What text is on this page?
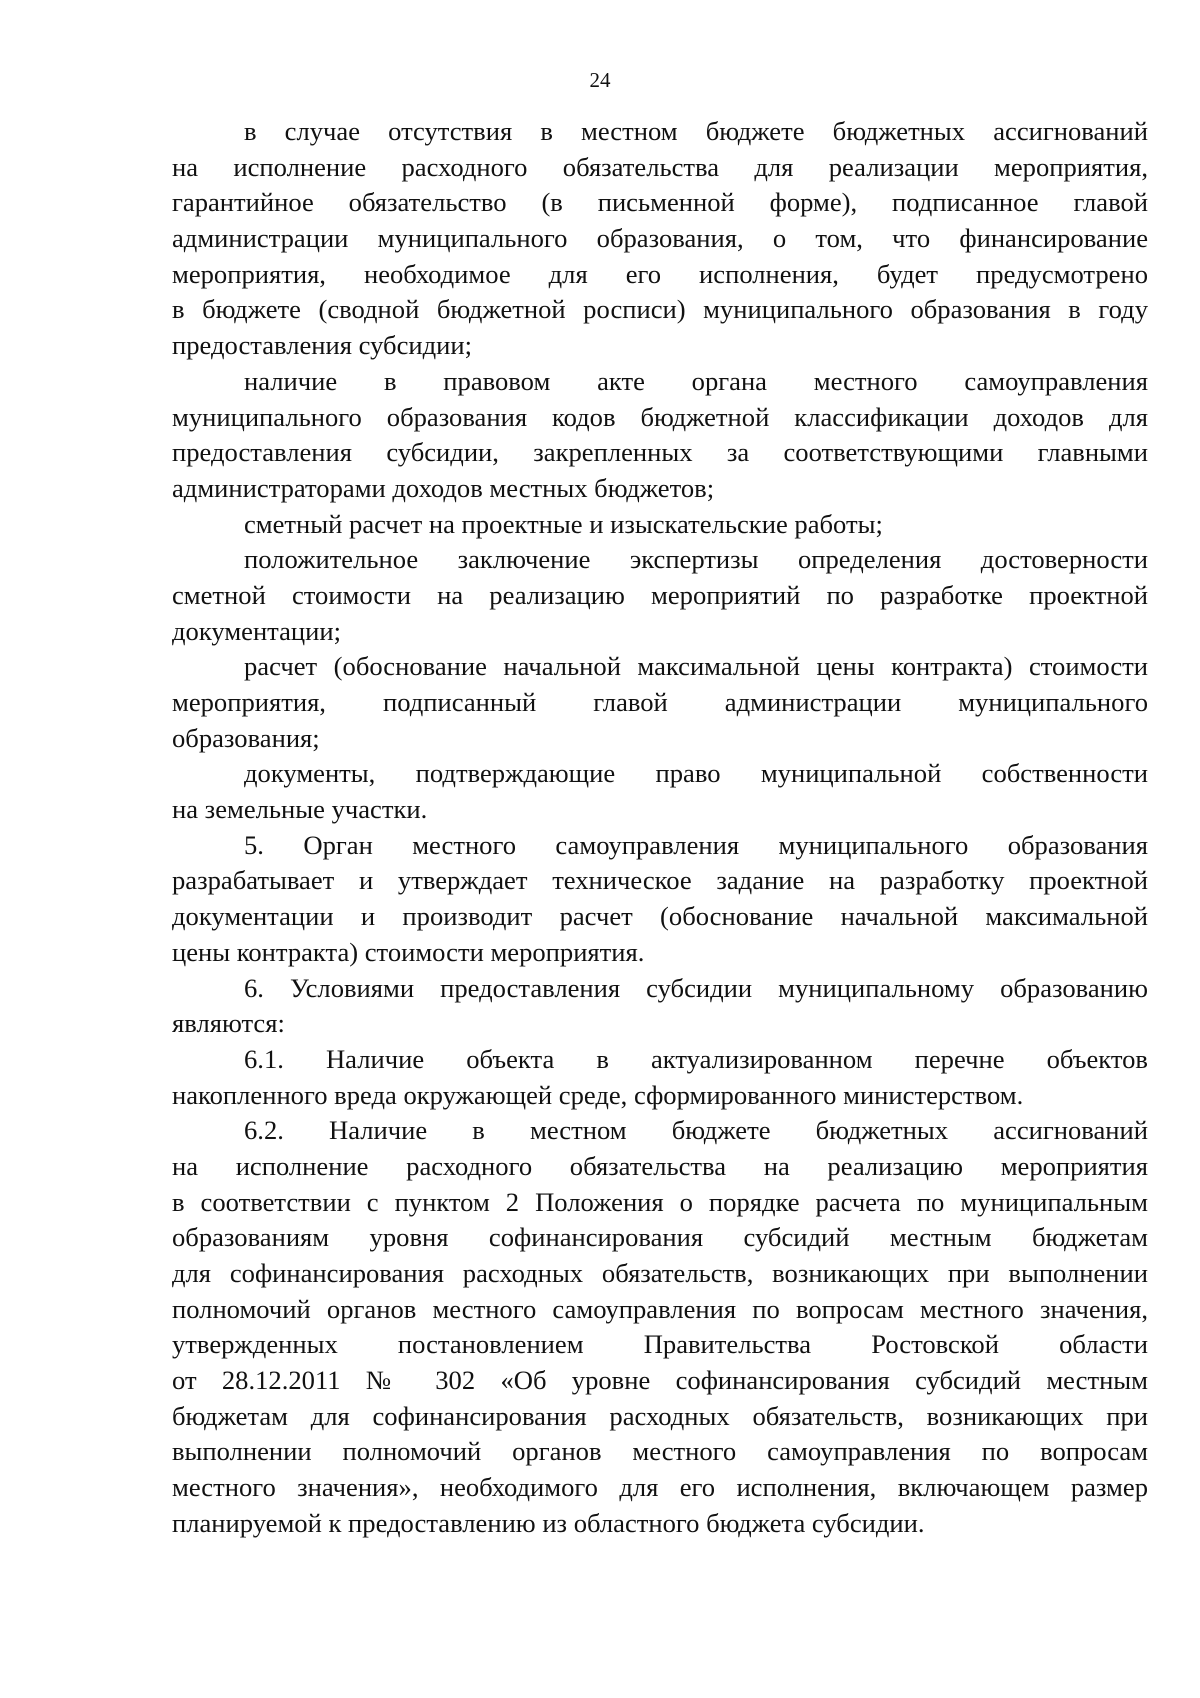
24
в случае отсутствия в местном бюджете бюджетных ассигнований
на исполнение расходного обязательства для реализации мероприятия,
гарантийное обязательство (в письменной форме), подписанное главой
администрации муниципального образования, о том, что финансирование
мероприятия, необходимое для его исполнения, будет предусмотрено
в бюджете (сводной бюджетной росписи) муниципального образования в году
предоставления субсидии;
наличие в правовом акте органа местного самоуправления
муниципального образования кодов бюджетной классификации доходов для
предоставления субсидии, закрепленных за соответствующими главными
администраторами доходов местных бюджетов;
сметный расчет на проектные и изыскательские работы;
положительное заключение экспертизы определения достоверности
сметной стоимости на реализацию мероприятий по разработке проектной
документации;
расчет (обоснование начальной максимальной цены контракта) стоимости
мероприятия, подписанный главой администрации муниципального
образования;
документы, подтверждающие право муниципальной собственности
на земельные участки.
5. Орган местного самоуправления муниципального образования
разрабатывает и утверждает техническое задание на разработку проектной
документации и производит расчет (обоснование начальной максимальной
цены контракта) стоимости мероприятия.
6. Условиями предоставления субсидии муниципальному образованию
являются:
6.1. Наличие объекта в актуализированном перечне объектов
накопленного вреда окружающей среде, сформированного министерством.
6.2. Наличие в местном бюджете бюджетных ассигнований
на исполнение расходного обязательства на реализацию мероприятия
в соответствии с пунктом 2 Положения о порядке расчета по муниципальным
образованиям уровня софинансирования субсидий местным бюджетам
для софинансирования расходных обязательств, возникающих при выполнении
полномочий органов местного самоуправления по вопросам местного значения,
утвержденных постановлением Правительства Ростовской области
от 28.12.2011 № 302 «Об уровне софинансирования субсидий местным
бюджетам для софинансирования расходных обязательств, возникающих при
выполнении полномочий органов местного самоуправления по вопросам
местного значения», необходимого для его исполнения, включающем размер
планируемой к предоставлению из областного бюджета субсидии.
